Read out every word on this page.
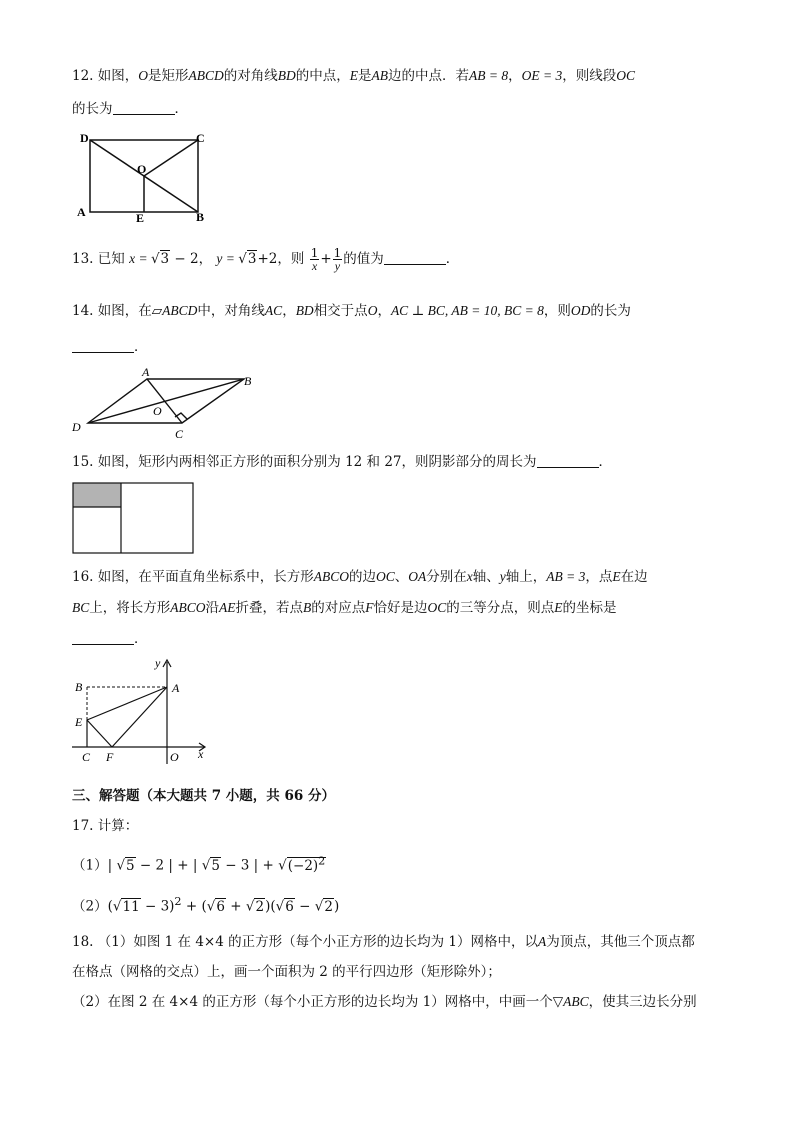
12. 如图，O是矩形ABCD的对角线BD的中点，E是AB边的中点．若AB = 8，OE = 3，则线段OC
的长为	．
D	C
O
A	E	B
13. 已知 x = √3 − 2， y = √3+2，则 $\frac{1}{x} + \frac{1}{y}$ 的值为	．
14. 如图，在▱ABCD中，对角线AC，BD相交于点O，AC ⊥ BC, AB = 10, BC = 8，则OD的长为
．
A
B
C
D
O
15. 如图，矩形内两相邻正方形的面积分别为 12 和 27，则阴影部分的周长为	．
16. 如图，在平面直角坐标系中，长方形ABCO的边OC、OA分别在x轴、y轴上，AB = 3，点E在边
BC上，将长方形ABCO沿AE折叠，若点B的对应点F恰好是边OC的三等分点，则点E的坐标是
．
y
x
A
B
E
C F	O
三、解答题（本大题共 7 小题，共 66 分）
17. 计算：
（1）| √5 − 2 | + | √5 − 3 | + $√(-2)^2$
$(2)(√11 - 3)^2 + (√6 + √2)(√6 - √2)$
18. （1）如图 1 在 4×4 的正方形（每个小正方形的边长均为 1）网格中，以A为顶点，其他三个顶点都
在格点（网格的交点）上，画一个面积为 2 的平行四边形（矩形除外）；
（2）在图 2 在 4×4 的正方形（每个小正方形的边长均为 1）网格中，中画一个▽ABC，使其三边长分别
